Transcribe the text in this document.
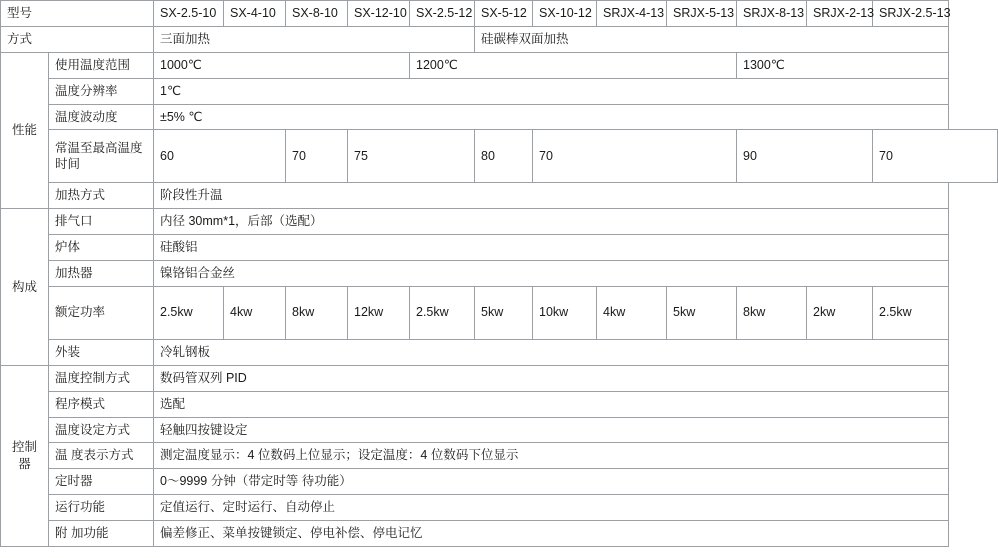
型号		SX-2.5-10	SX-4-10	SX-8-10	SX-12-10	SX-2.5-12	SX-5-12	SX-10-12	SRJX-4-13	SRJX-5-13	SRJX-8-13	SRJX-2-13	SRJX-2.5-13
方式		三面加热					硅碳棒双面加热						
性能	使用温度范围	1000℃				1200℃					1300℃		
	温度分辨率	1℃											
	温度波动度	±5% ℃											
	常温至最高温度时间	60		70	75		80	70			90		70
	加热方式	阶段性升温											
构成	排气口	内径 30mm*1，后部（选配）											
	炉体	硅酸铝											
	加热器	镍铬铝合金丝											
	额定功率	2.5kw	4kw	8kw	12kw	2.5kw	5kw	10kw	4kw	5kw	8kw	2kw	2.5kw
	外装	冷轧钢板											
控制器	温度控制方式	数码管双列 PID											
	程序模式	选配											
	温度设定方式	轻触四按键设定											
	温 度表示方式	测定温度显示：4 位数码上位显示；设定温度：4 位数码下位显示											
	定时器	0～9999 分钟（带定时等 待功能）											
	运行功能	定值运行、定时运行、自动停止											
	附 加功能	偏差修正、菜单按键锁定、停电补偿、停电记忆											
